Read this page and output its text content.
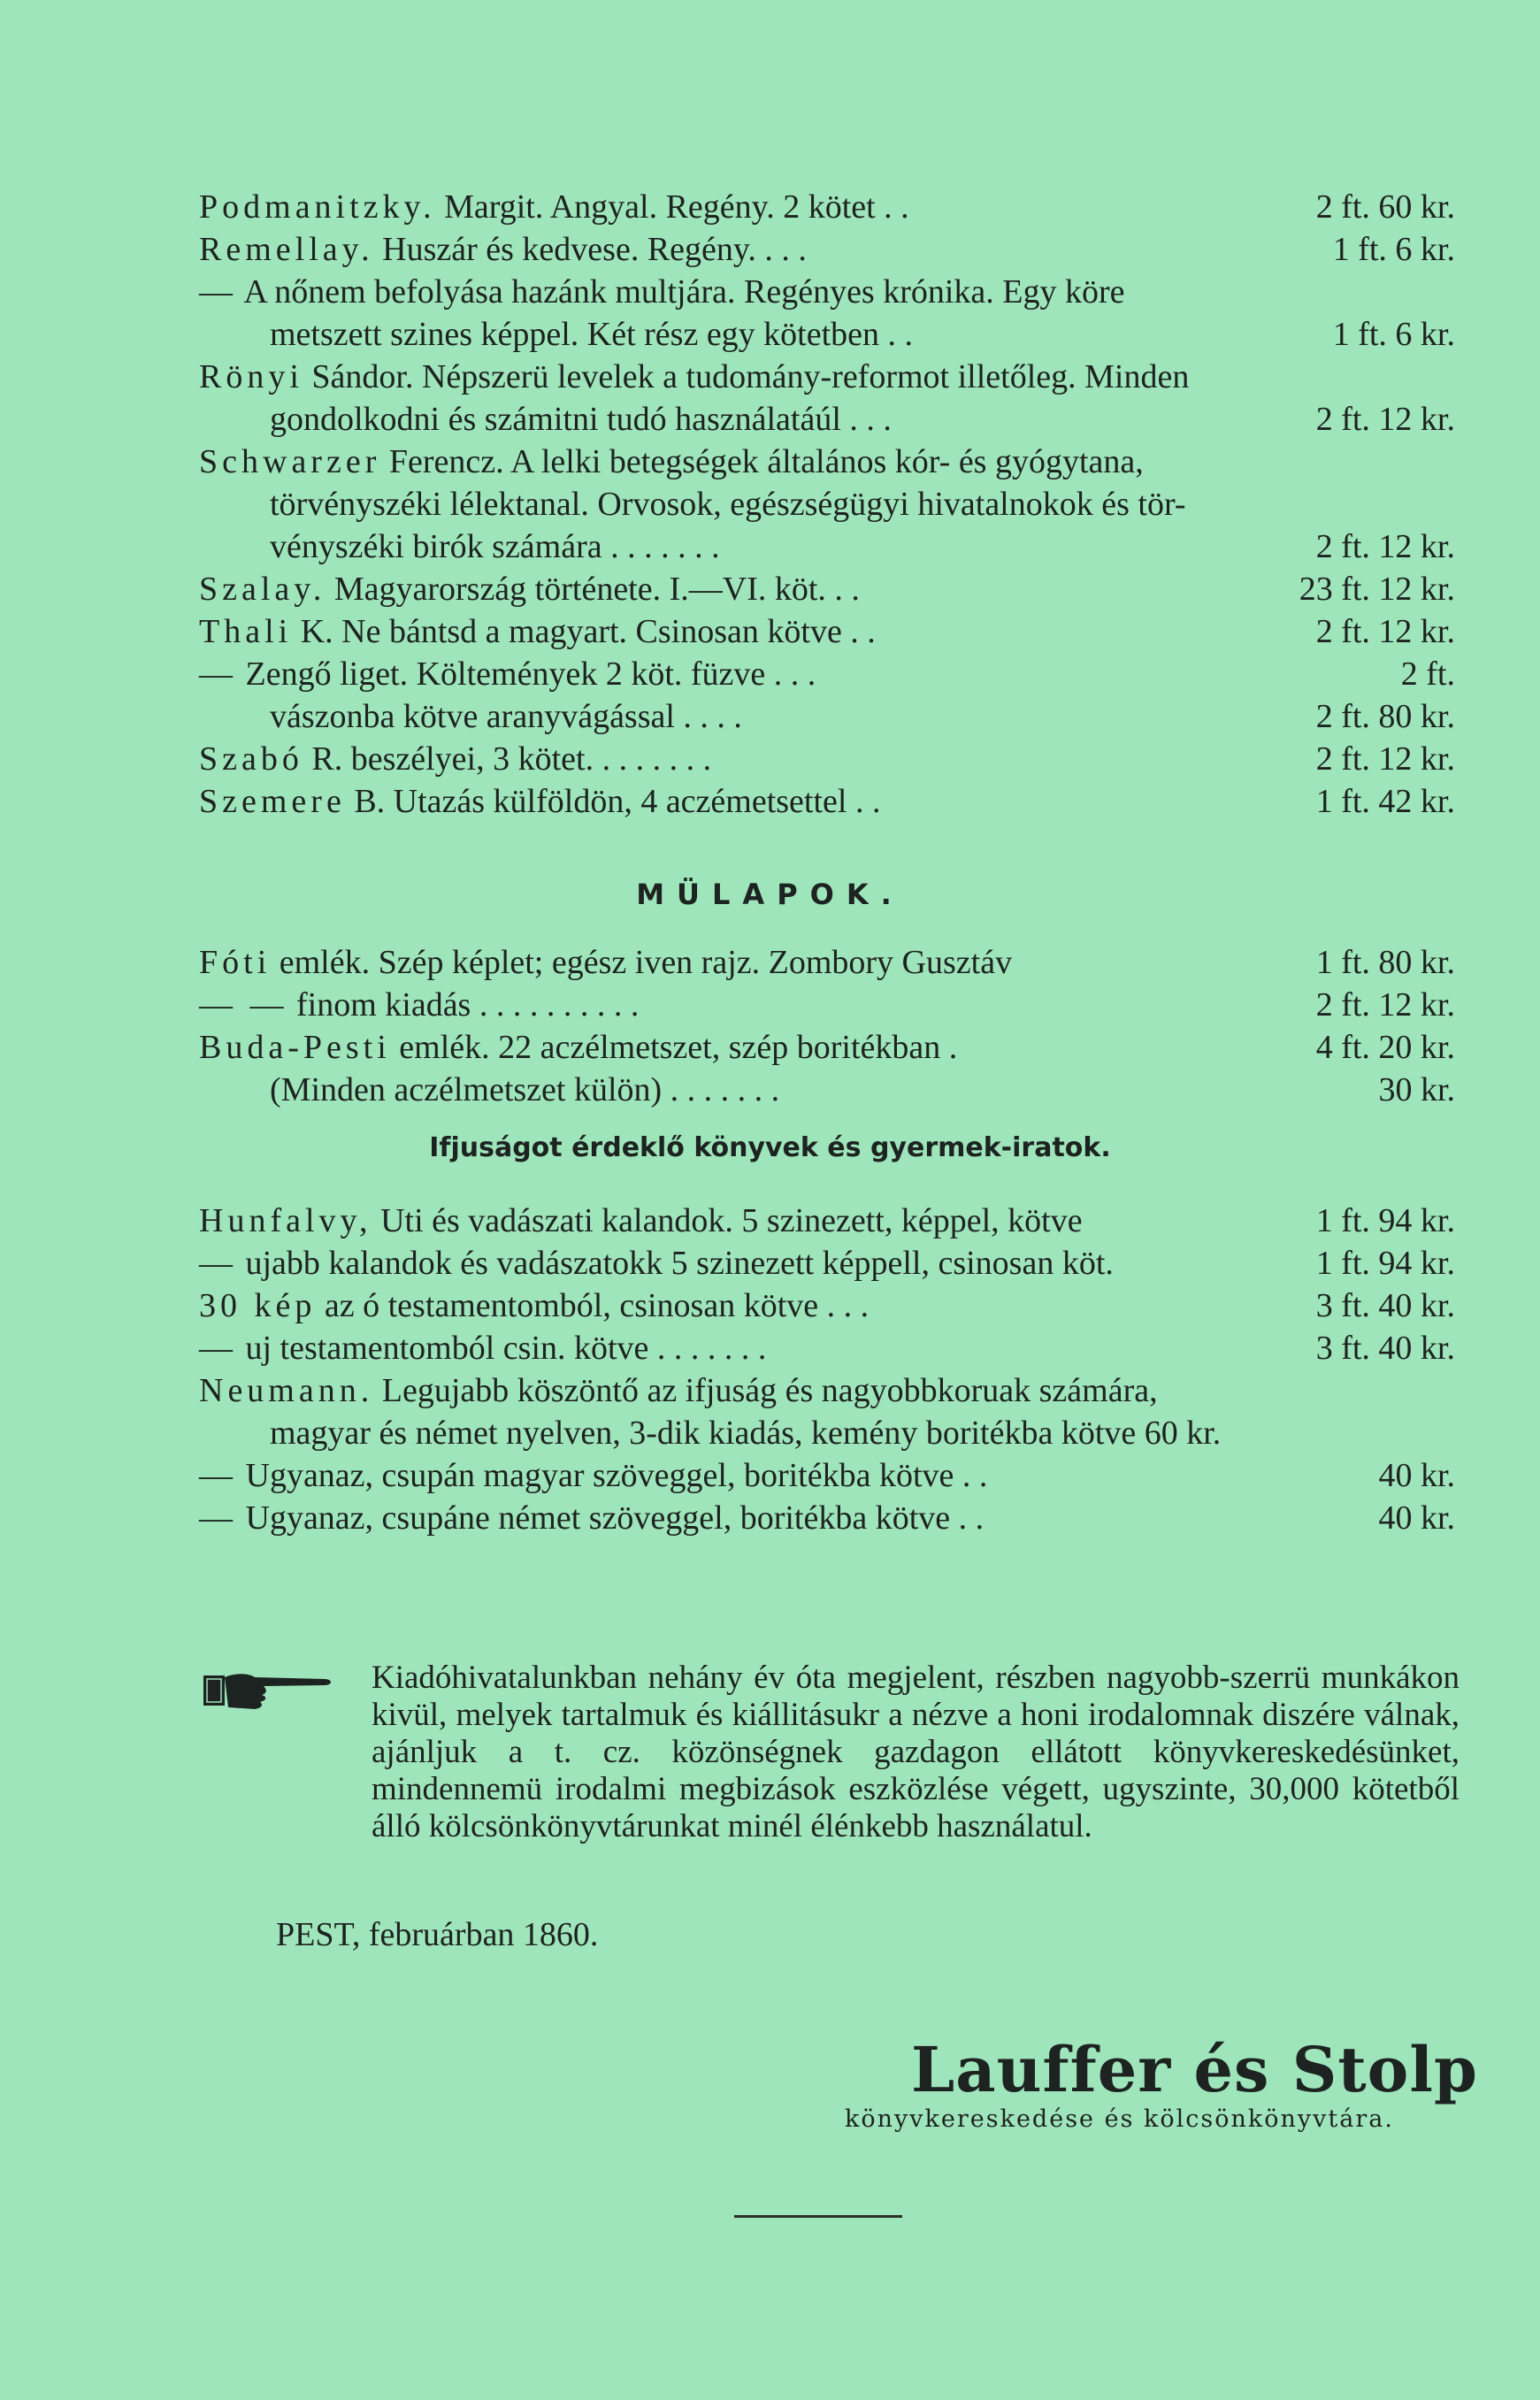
Podmanitzky. Margit. Angyal. Regény. 2 kötet . .	2 ft. 60 kr.
Remellay. Huszár és kedvese. Regény. . . .	1 ft. 6 kr.
— A nőnem befolyása hazánk multjára. Regényes krónika. Egy köre
metszett szines képpel. Két rész egy kötetben . .	1 ft. 6 kr.
Rönyi Sándor. Népszerü levelek a tudomány-reformot illetőleg. Minden
gondolkodni és számitni tudó használatáúl . . .	2 ft. 12 kr.
Schwarzer Ferencz. A lelki betegségek általános kór- és gyógytana,
törvényszéki lélektanal. Orvosok, egészségügyi hivatalnokok és tör-
vényszéki birók számára . . . . . . .	2 ft. 12 kr.
Szalay. Magyarország története. I.—VI. köt. . .	23 ft. 12 kr.
Thali K. Ne bántsd a magyart. Csinosan kötve . .	2 ft. 12 kr.
— Zengő liget. Költemények 2 köt. füzve . . .	2 ft.
vászonba kötve aranyvágással . . . .	2 ft. 80 kr.
Szabó R. beszélyei, 3 kötet. . . . . . . .	2 ft. 12 kr.
Szemere B. Utazás külföldön, 4 aczémetsettel . .	1 ft. 42 kr.
MÜLAPOK.
Fóti emlék. Szép képlet; egész iven rajz. Zombory Gusztáv	1 ft. 80 kr.
— — finom kiadás . . . . . . . . . .	2 ft. 12 kr.
Buda-Pesti emlék. 22 aczélmetszet, szép boritékban .	4 ft. 20 kr.
(Minden aczélmetszet külön) . . . . . . .	30 kr.
Ifjuságot érdeklő könyvek és gyermek-iratok.
Hunfalvy, Uti és vadászati kalandok. 5 szinezett, képpel, kötve	1 ft. 94 kr.
— ujabb kalandok és vadászatokk 5 szinezett képpell, csinosan köt.	1 ft. 94 kr.
30 kép az ó testamentomból, csinosan kötve . . .	3 ft. 40 kr.
— uj testamentomból csin. kötve . . . . . . .	3 ft. 40 kr.
Neumann. Legujabb köszöntő az ifjuság és nagyobbkoruak számára,
magyar és német nyelven, 3-dik kiadás, kemény boritékba kötve 60 kr.
— Ugyanaz, csupán magyar szöveggel, boritékba kötve . .	40 kr.
— Ugyanaz, csupáne német szöveggel, boritékba kötve . .	40 kr.
Kiadóhivatalunkban nehány év óta megjelent, részben nagyobb-szerrü munkákon kivül, melyek tartalmuk és kiállitásukr a nézve a honi irodalomnak diszére válnak, ajánljuk a t. cz. közönségnek gazdagon ellátott könyvkereskedésünket, mindennemü irodalmi megbizások eszközlése végett, ugyszinte, 30,000 kötetből álló kölcsönkönyvtárunkat minél élénkebb használatul.
PEST, februárban 1860.
Lauffer és Stolp
könyvkereskedése és kölcsönkönyvtára.
